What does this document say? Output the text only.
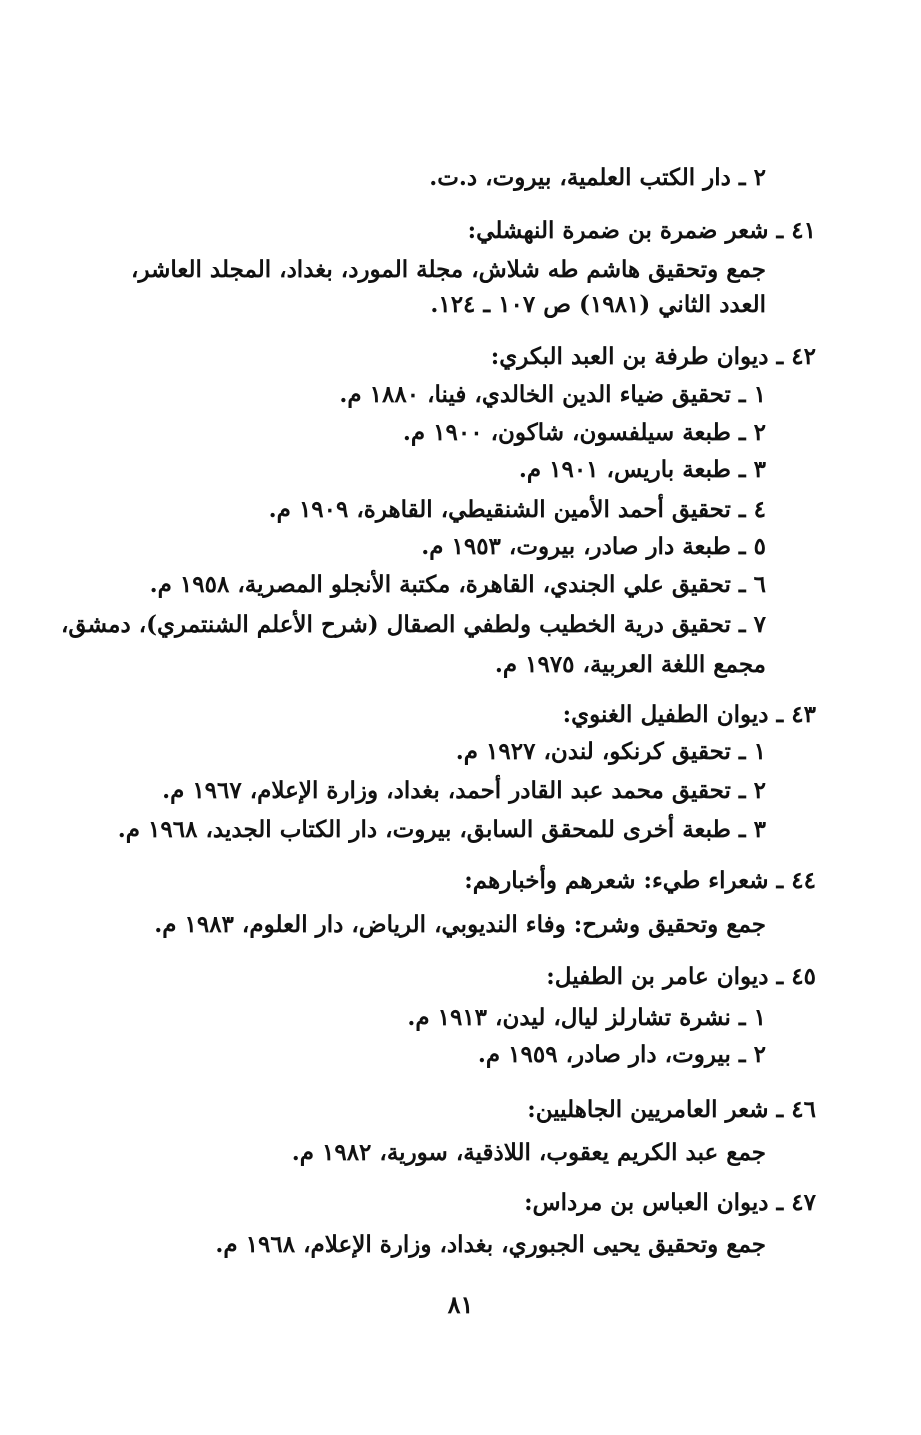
٢ ـ دار الكتب العلمية، بيروت، د.ت.
٤١ ـ شعر ضمرة بن ضمرة النهشلي:
جمع وتحقيق هاشم طه شلاش، مجلة المورد، بغداد، المجلد العاشر،
العدد الثاني (١٩٨١) ص ١٠٧ ـ ١٢٤.
٤٢ ـ ديوان طرفة بن العبد البكري:
١ ـ تحقيق ضياء الدين الخالدي، فينا، ١٨٨٠ م.
٢ ـ طبعة سيلفسون، شاكون، ١٩٠٠ م.
٣ ـ طبعة باريس، ١٩٠١ م.
٤ ـ تحقيق أحمد الأمين الشنقيطي، القاهرة، ١٩٠٩ م.
٥ ـ طبعة دار صادر، بيروت، ١٩٥٣ م.
٦ ـ تحقيق علي الجندي، القاهرة، مكتبة الأنجلو المصرية، ١٩٥٨ م.
٧ ـ تحقيق درية الخطيب ولطفي الصقال (شرح الأعلم الشنتمري)، دمشق،
مجمع اللغة العربية، ١٩٧٥ م.
٤٣ ـ ديوان الطفيل الغنوي:
١ ـ تحقيق كرنكو، لندن، ١٩٢٧ م.
٢ ـ تحقيق محمد عبد القادر أحمد، بغداد، وزارة الإعلام، ١٩٦٧ م.
٣ ـ طبعة أخرى للمحقق السابق، بيروت، دار الكتاب الجديد، ١٩٦٨ م.
٤٤ ـ شعراء طيء: شعرهم وأخبارهم:
جمع وتحقيق وشرح: وفاء النديوبي، الرياض، دار العلوم، ١٩٨٣ م.
٤٥ ـ ديوان عامر بن الطفيل:
١ ـ نشرة تشارلز ليال، ليدن، ١٩١٣ م.
٢ ـ بيروت، دار صادر، ١٩٥٩ م.
٤٦ ـ شعر العامريين الجاهليين:
جمع عبد الكريم يعقوب، اللاذقية، سورية، ١٩٨٢ م.
٤٧ ـ ديوان العباس بن مرداس:
جمع وتحقيق يحيى الجبوري، بغداد، وزارة الإعلام، ١٩٦٨ م.
٨١
